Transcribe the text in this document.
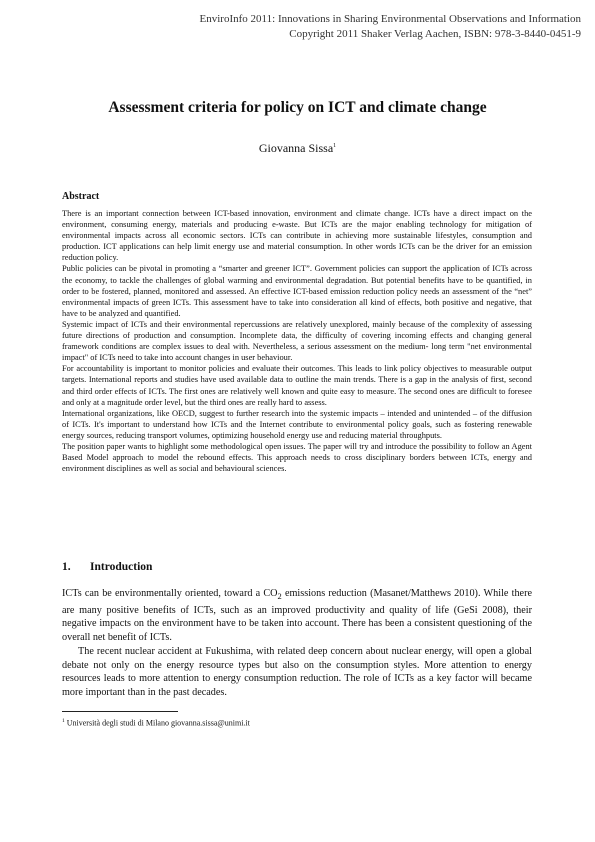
EnviroInfo 2011: Innovations in Sharing Environmental Observations and Information
Copyright 2011 Shaker Verlag Aachen, ISBN: 978-3-8440-0451-9
Assessment criteria for policy on ICT and climate change
Giovanna Sissa$^1$
Abstract

There is an important connection between ICT-based innovation, environment and climate change. ICTs have a direct impact on the environment, consuming energy, materials and producing e-waste. But ICTs are the major enabling technology for mitigation of environmental impacts across all economic sectors. ICTs can contribute in achieving more sustainable lifestyles, consumption and production. ICT applications can help limit energy use and material consumption. In other words ICTs can be the driver for an emission reduction policy.

Public policies can be pivotal in promoting a “smarter and greener ICT”. Government policies can support the application of ICTs across the economy, to tackle the challenges of global warming and environmental degradation. But potential benefits have to be quantified, in order to be fostered, planned, monitored and assessed. An effective ICT-based emission reduction policy needs an assessment of the “net” environmental impacts of green ICTs. This assessment have to take into consideration all kind of effects, both positive and negative, that have to be analyzed and quantified.

Systemic impact of ICTs and their environmental repercussions are relatively unexplored, mainly because of the complexity of assessing future directions of production and consumption. Incomplete data, the difficulty of covering incoming effects and changing general framework conditions are complex issues to deal with. Nevertheless, a serious assessment on the medium- long term "net environmental impact" of ICTs need to take into account changes in user behaviour.

For accountability is important to monitor policies and evaluate their outcomes. This leads to link policy objectives to measurable output targets. International reports and studies have used available data to outline the main trends. There is a gap in the analysis of first, second and third order effects of ICTs. The first ones are relatively well known and quite easy to measure. The second ones are difficult to foresee and only at a magnitude order level, but the third ones are really hard to assess.

International organizations, like OECD, suggest to further research into the systemic impacts – intended and unintended – of the diffusion of ICTs. It's important to understand how ICTs and the Internet contribute to environmental policy goals, such as fostering renewable energy sources, reducing transport volumes, optimizing household energy use and reducing material throughputs.

The position paper wants to highlight some methodological open issues. The paper will try and introduce the possibility to follow an Agent Based Model approach to model the rebound effects. This approach needs to cross disciplinary borders between ICTs, energy and environment disciplines as well as social and behavioural sciences.

1. Introduction

ICTs can be environmentally oriented, toward a $CO_2$ emissions reduction (Masanet/Matthews 2010). While there are many positive benefits of ICTs, such as an improved productivity and quality of life (GeSi 2008), their negative impacts on the environment have to be taken into account. There has been a consistent questioning of the overall net benefit of ICTs.

The recent nuclear accident at Fukushima, with related deep concern about nuclear energy, will open a global debate not only on the energy resource types but also on the consumption styles. More attention to energy resources leads to more attention to energy consumption reduction. The role of ICTs as a key factor will became more important than in the past decades.

$^1$ Università degli studi di Milano giovanna.sissa@unimi.it
